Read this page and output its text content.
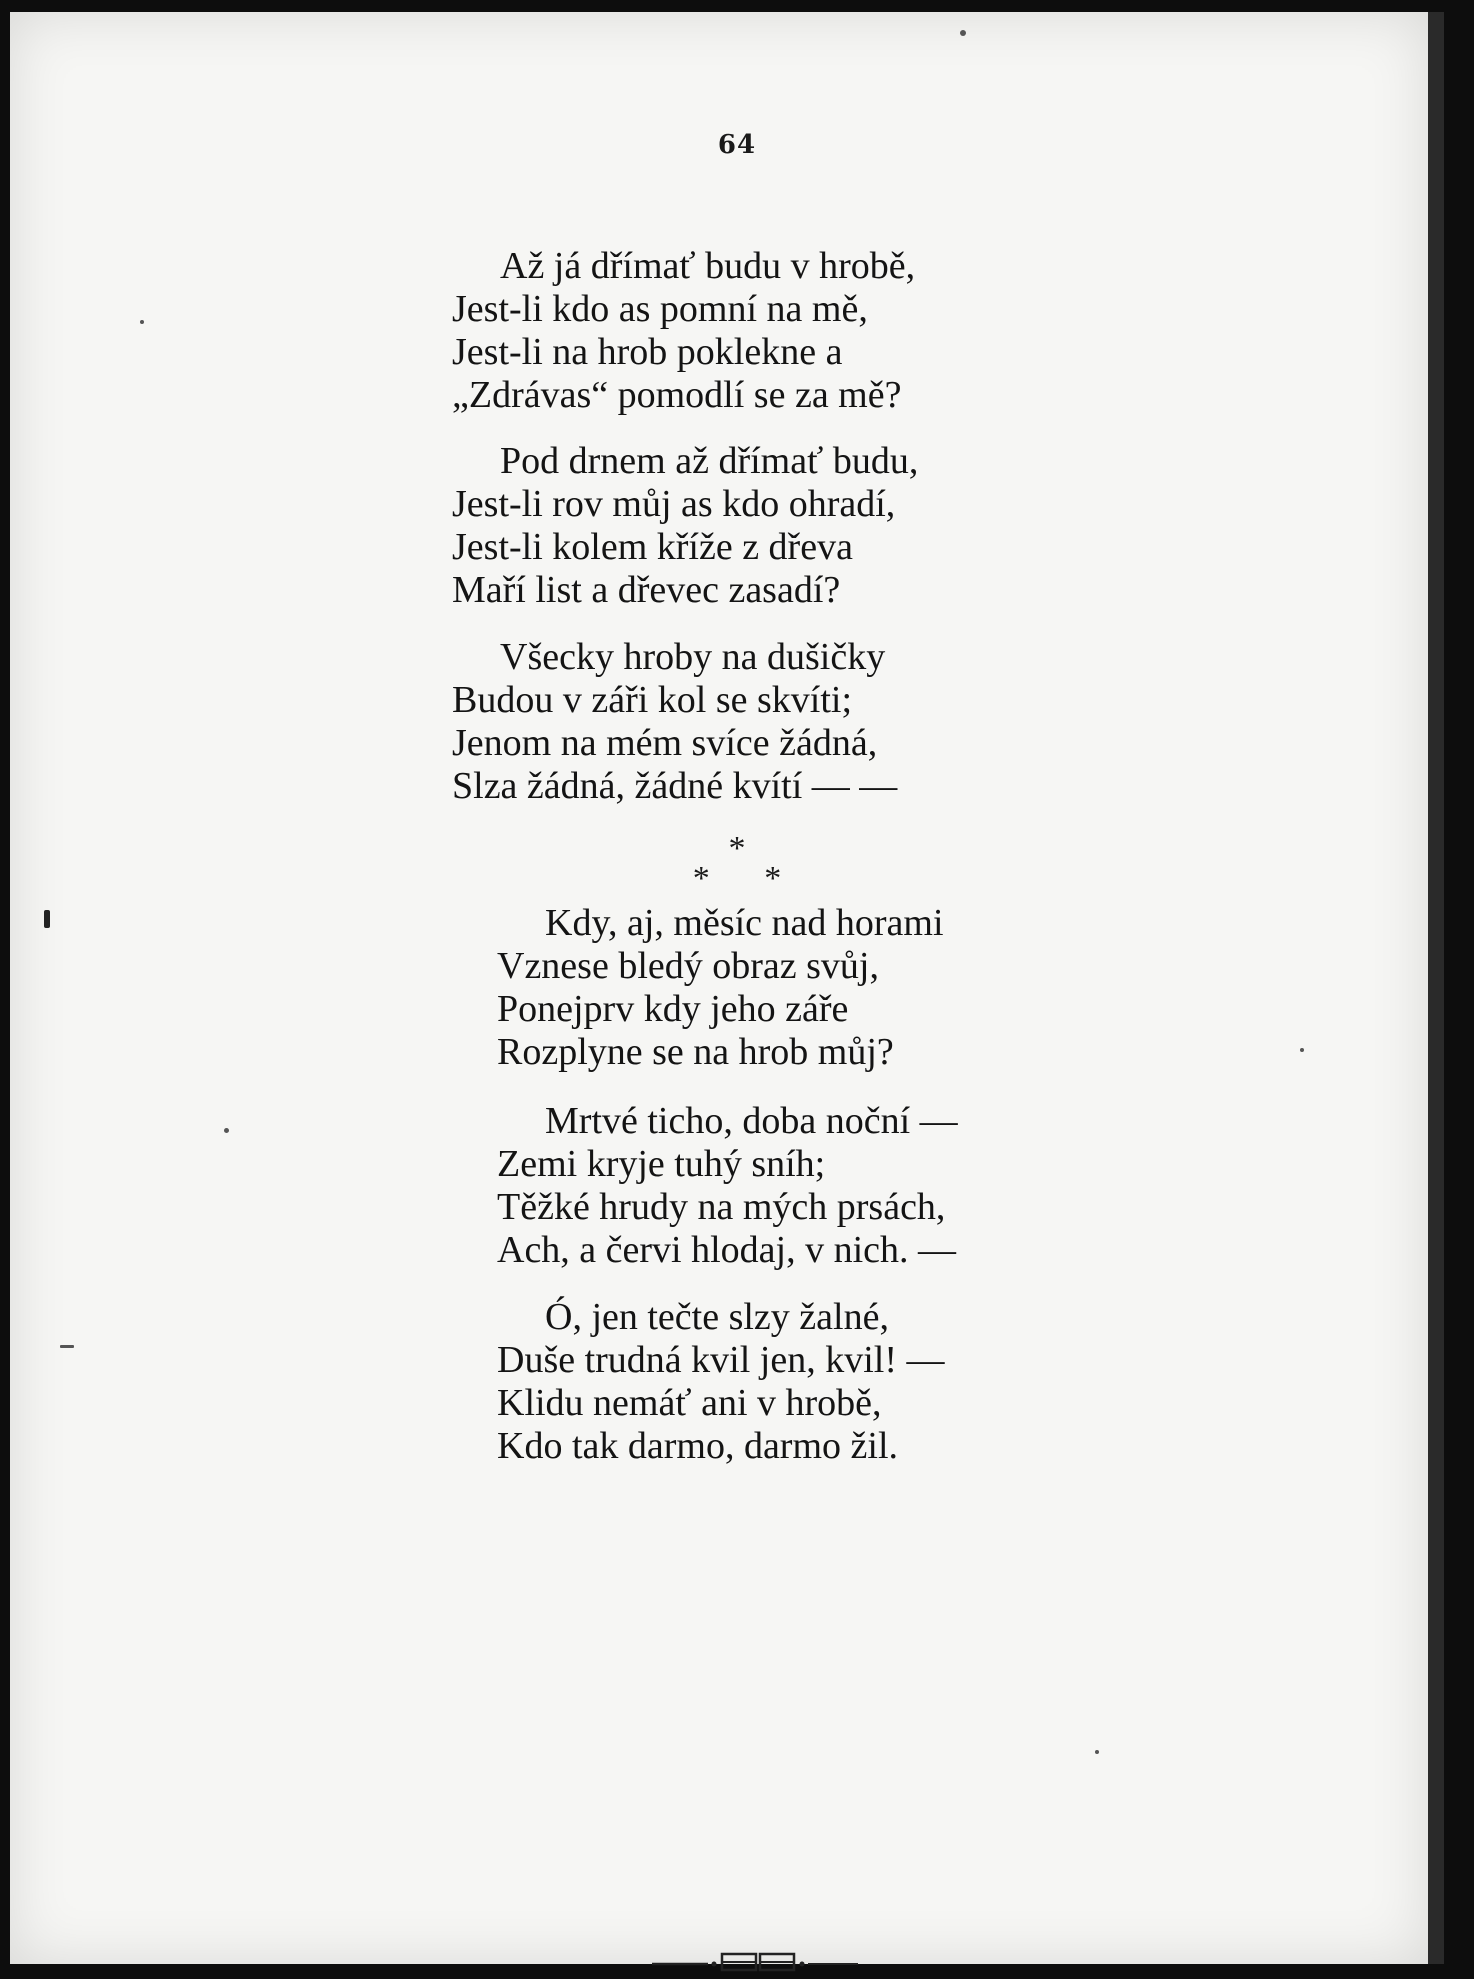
64
Až já dřímať budu v hrobě,
Jest-li kdo as pomní na mě,
Jest-li na hrob poklekne a
„Zdrávas“ pomodlí se za mě?
Pod drnem až dřímať budu,
Jest-li rov můj as kdo ohradí,
Jest-li kolem kříže z dřeva
Maří list a dřevec zasadí?
Všecky hroby na dušičky
Budou v záři kol se skvíti;
Jenom na mém svíce žádná,
Slza žádná, žádné kvítí — —
*
* *
Kdy, aj, měsíc nad horami
Vznese bledý obraz svůj,
Ponejprv kdy jeho záře
Rozplyne se na hrob můj?
Mrtvé ticho, doba noční —
Zemi kryje tuhý sníh;
Těžké hrudy na mých prsách,
Ach, a červi hlodaj, v nich. —
Ó, jen tečte slzy žalné,
Duše trudná kvil jen, kvil! —
Klidu nemáť ani v hrobě,
Kdo tak darmo, darmo žil.
